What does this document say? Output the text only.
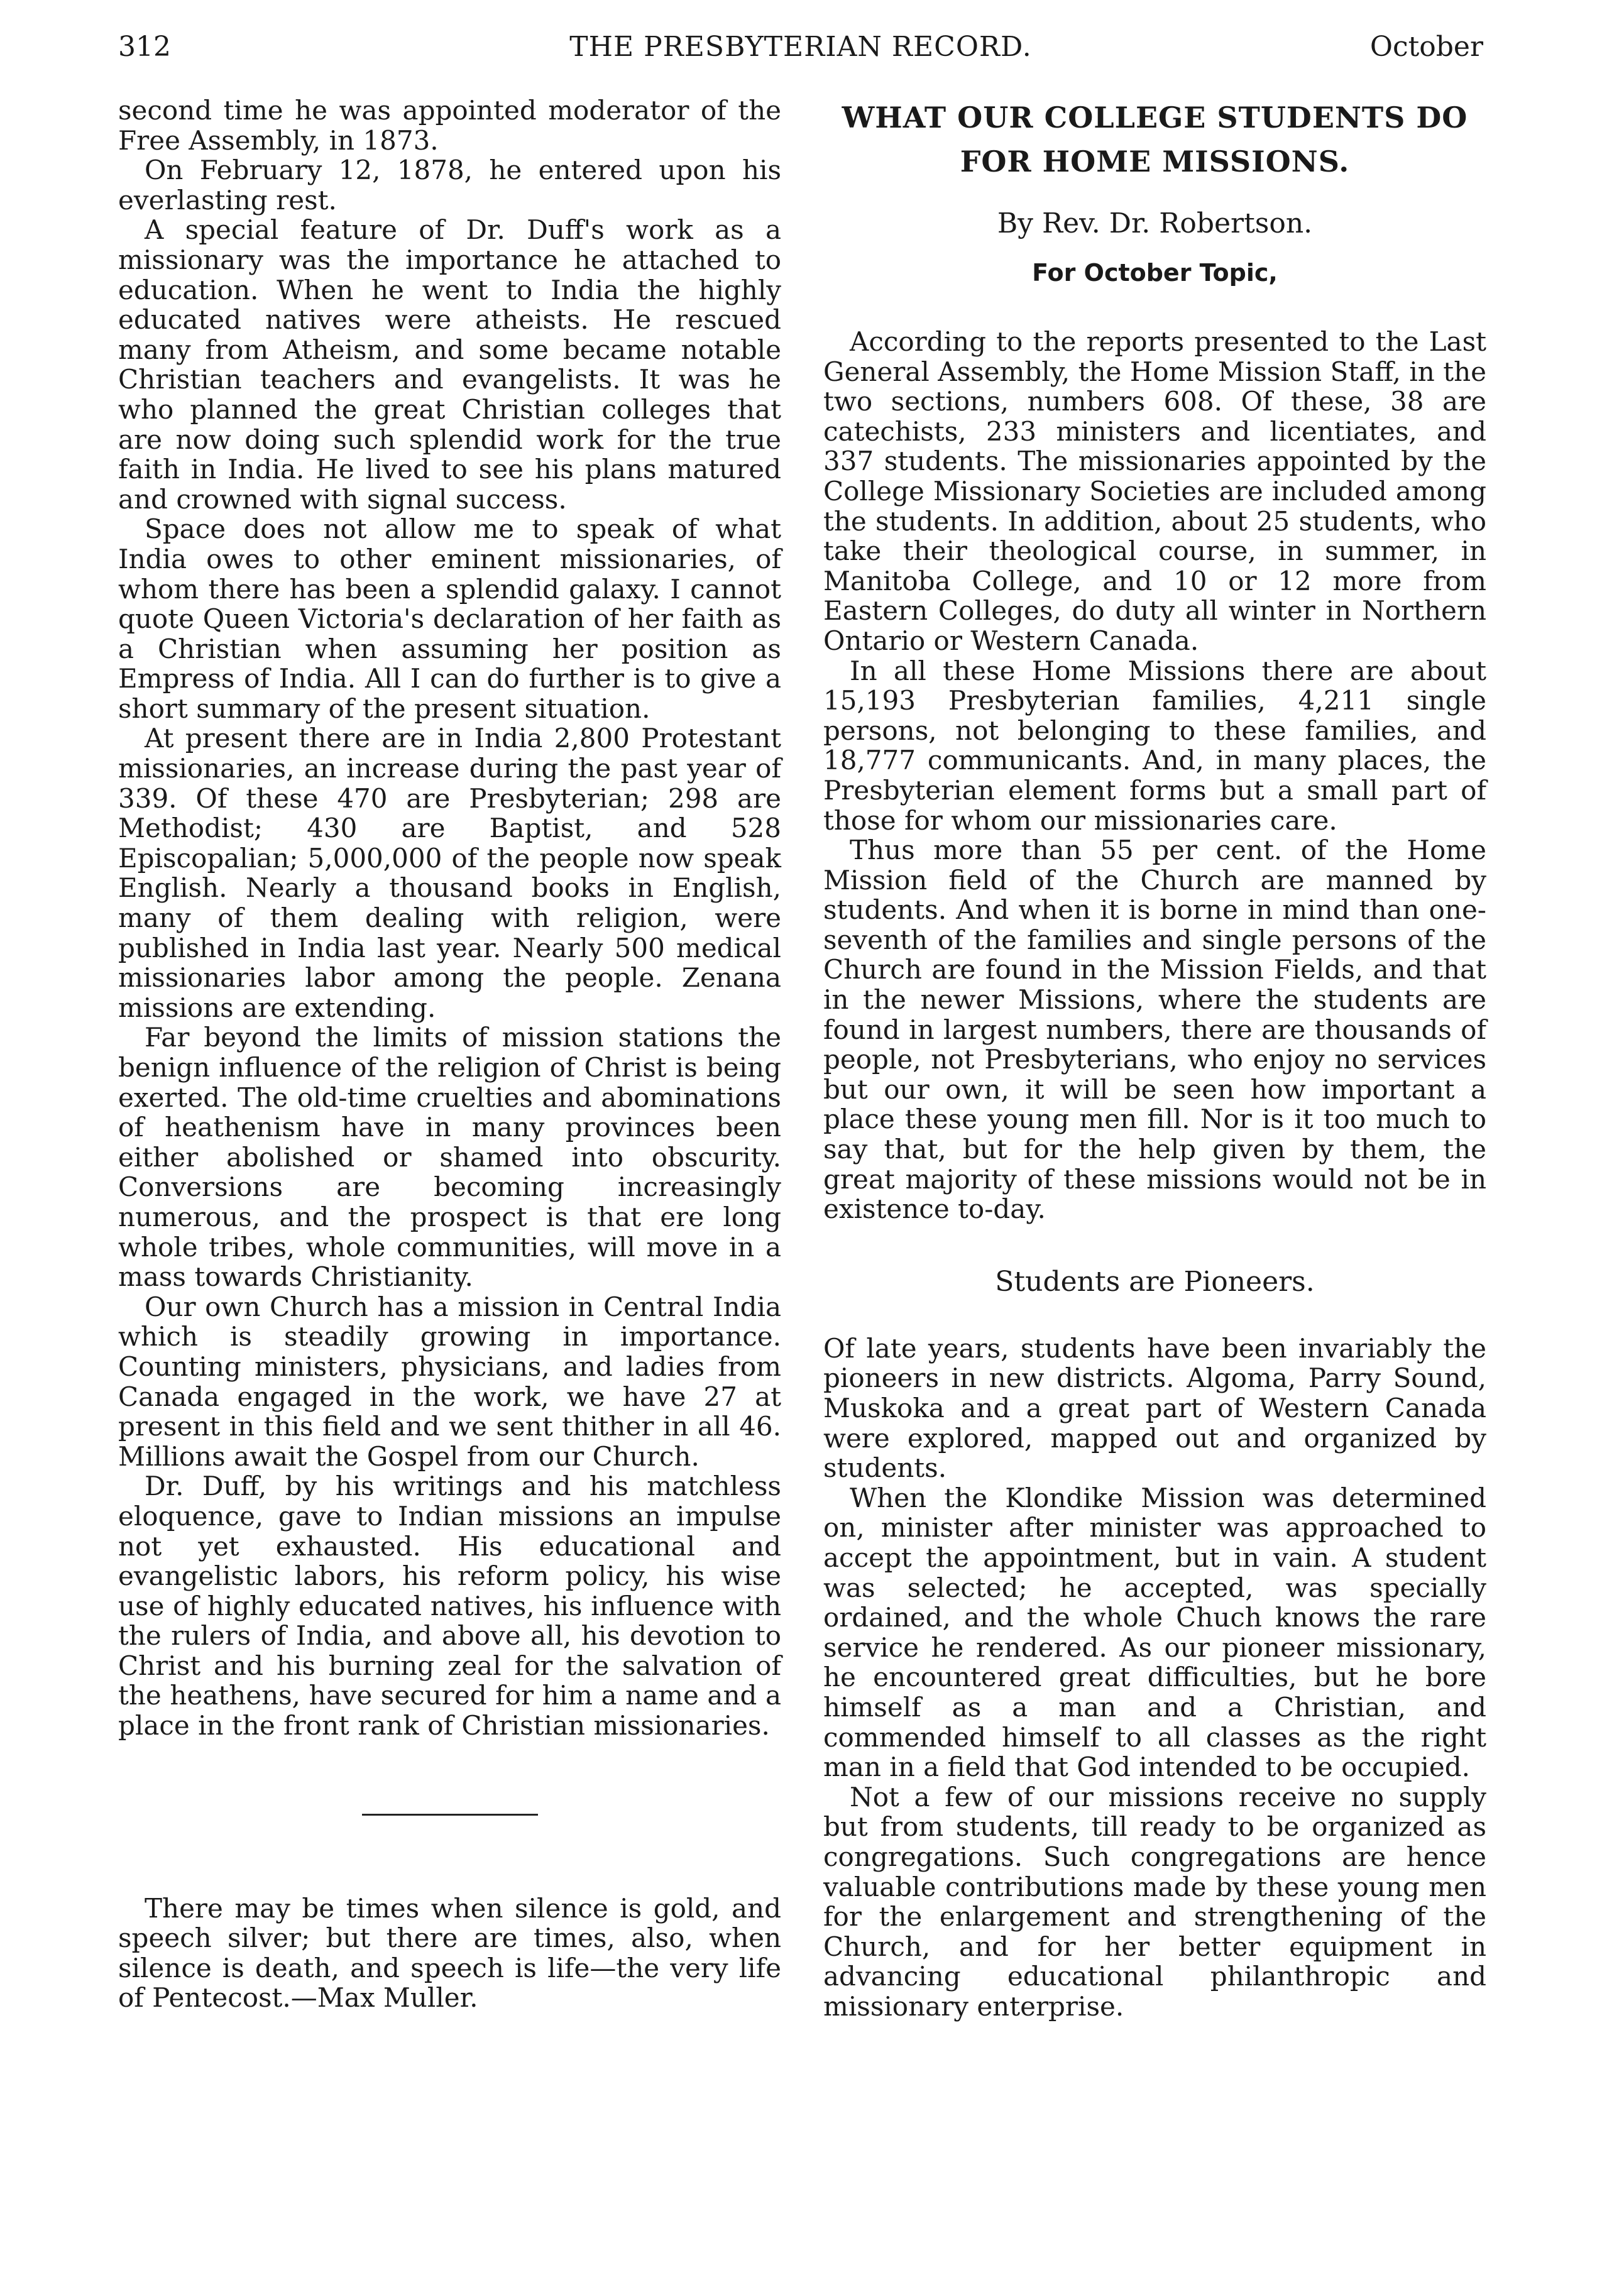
312	THE PRESBYTERIAN RECORD.	October

second time he was appointed moderator of the Free Assembly, in 1873.

On February 12, 1878, he entered upon his everlasting rest.

A special feature of Dr. Duff's work as a missionary was the importance he attached to education. When he went to India the highly educated natives were atheists. He rescued many from Atheism, and some became notable Christian teachers and evangelists. It was he who planned the great Christian colleges that are now doing such splendid work for the true faith in India. He lived to see his plans matured and crowned with signal success.

Space does not allow me to speak of what India owes to other eminent missionaries, of whom there has been a splendid galaxy. I cannot quote Queen Victoria's declaration of her faith as a Christian when assuming her position as Empress of India. All I can do further is to give a short summary of the present situation.

At present there are in India 2,800 Protestant missionaries, an increase during the past year of 339. Of these 470 are Presbyterian; 298 are Methodist; 430 are Baptist, and 528 Episcopalian; 5,000,000 of the people now speak English. Nearly a thousand books in English, many of them dealing with religion, were published in India last year. Nearly 500 medical missionaries labor among the people. Zenana missions are extending.

Far beyond the limits of mission stations the benign influence of the religion of Christ is being exerted. The old-time cruelties and abominations of heathenism have in many provinces been either abolished or shamed into obscurity. Conversions are becoming increasingly numerous, and the prospect is that ere long whole tribes, whole communities, will move in a mass towards Christianity.

Our own Church has a mission in Central India which is steadily growing in importance. Counting ministers, physicians, and ladies from Canada engaged in the work, we have 27 at present in this field and we sent thither in all 46. Millions await the Gospel from our Church.

Dr. Duff, by his writings and his matchless eloquence, gave to Indian missions an impulse not yet exhausted. His educational and evangelistic labors, his reform policy, his wise use of highly educated natives, his influence with the rulers of India, and above all, his devotion to Christ and his burning zeal for the salvation of the heathens, have secured for him a name and a place in the front rank of Christian missionaries.

There may be times when silence is gold, and speech silver; but there are times, also, when silence is death, and speech is life—the very life of Pentecost.—Max Muller.

WHAT OUR COLLEGE STUDENTS DO FOR HOME MISSIONS.
By Rev. Dr. Robertson.
For October Topic,

According to the reports presented to the Last General Assembly, the Home Mission Staff, in the two sections, numbers 608. Of these, 38 are catechists, 233 ministers and licentiates, and 337 students. The missionaries appointed by the College Missionary Societies are included among the students. In addition, about 25 students, who take their theological course, in summer, in Manitoba College, and 10 or 12 more from Eastern Colleges, do duty all winter in Northern Ontario or Western Canada.

In all these Home Missions there are about 15,193 Presbyterian families, 4,211 single persons, not belonging to these families, and 18,777 communicants. And, in many places, the Presbyterian element forms but a small part of those for whom our missionaries care.

Thus more than 55 per cent. of the Home Mission field of the Church are manned by students. And when it is borne in mind than one-seventh of the families and single persons of the Church are found in the Mission Fields, and that in the newer Missions, where the students are found in largest numbers, there are thousands of people, not Presbyterians, who enjoy no services but our own, it will be seen how important a place these young men fill. Nor is it too much to say that, but for the help given by them, the great majority of these missions would not be in existence to-day.

Students are Pioneers.

Of late years, students have been invariably the pioneers in new districts. Algoma, Parry Sound, Muskoka and a great part of Western Canada were explored, mapped out and organized by students.

When the Klondike Mission was determined on, minister after minister was approached to accept the appointment, but in vain. A student was selected; he accepted, was specially ordained, and the whole Chuch knows the rare service he rendered. As our pioneer missionary, he encountered great difficulties, but he bore himself as a man and a Christian, and commended himself to all classes as the right man in a field that God intended to be occupied.

Not a few of our missions receive no supply but from students, till ready to be organized as congregations. Such congregations are hence valuable contributions made by these young men for the enlargement and strengthening of the Church, and for her better equipment in advancing educational philanthropic and missionary enterprise.
